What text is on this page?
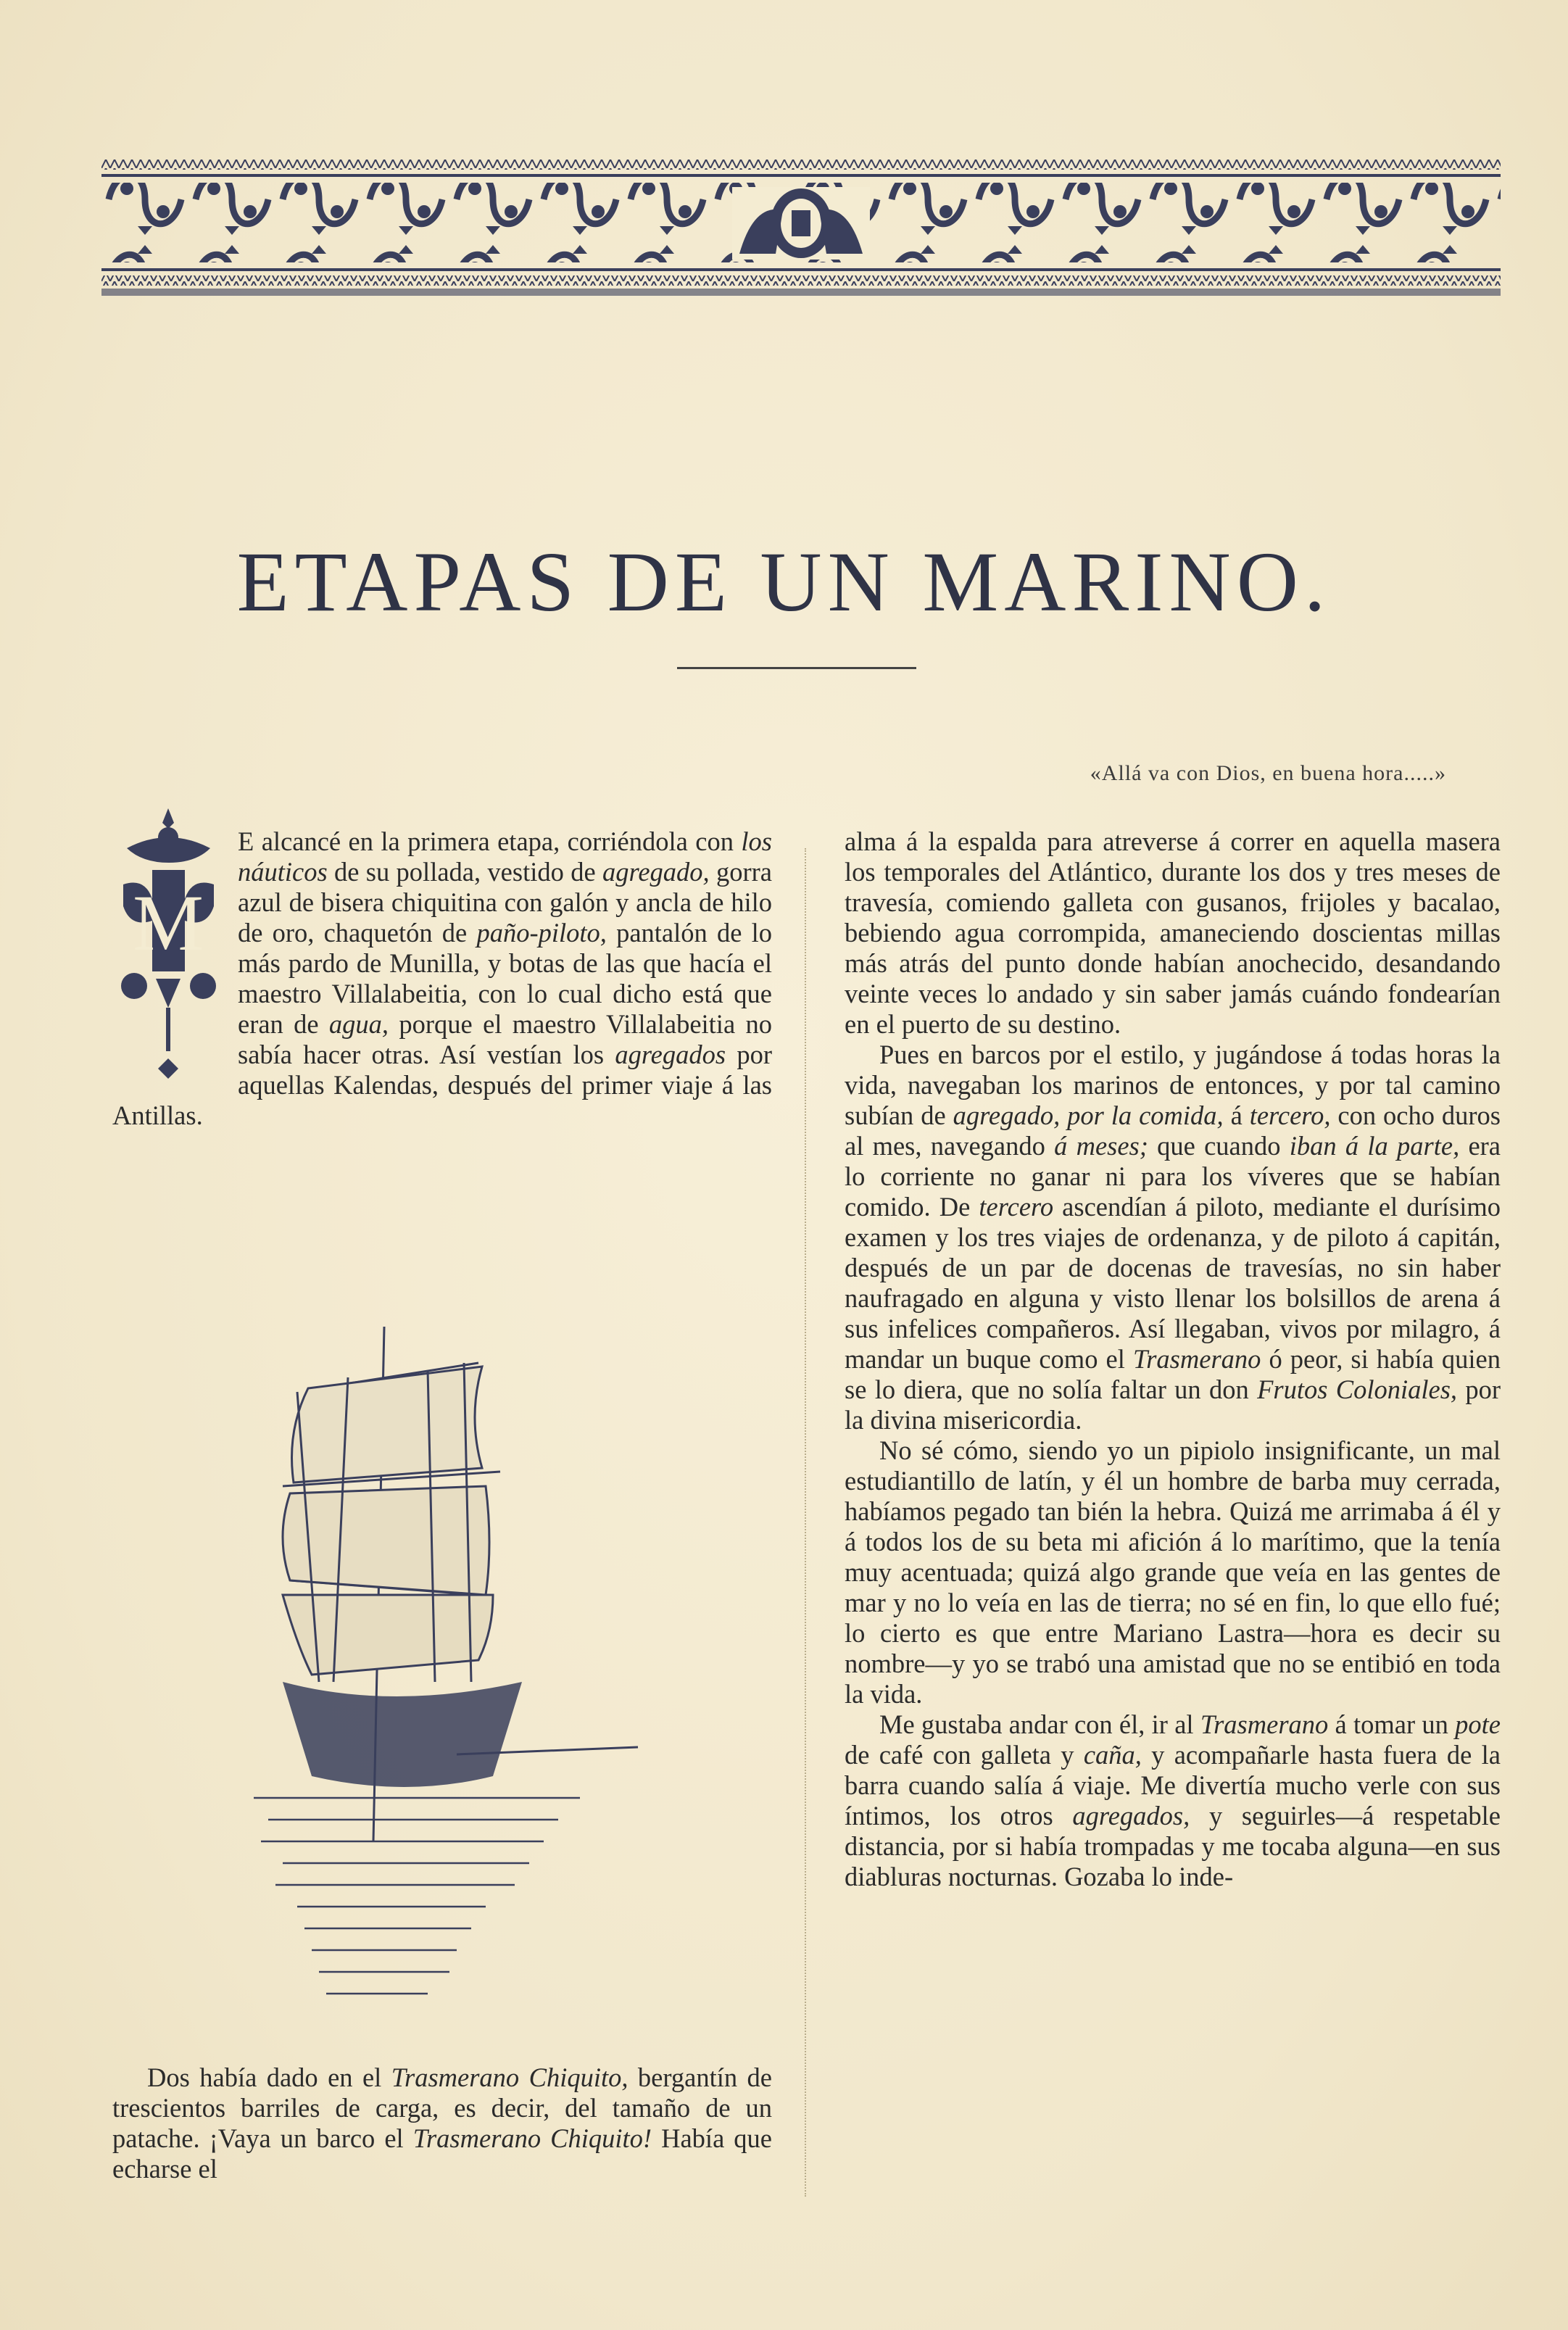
ETAPAS DE UN MARINO.
«Allá va con Dios, en buena hora.....»
M

E alcancé en la primera etapa, corriéndola con los náuticos de su pollada, vestido de agregado, gorra azul de bisera chiquitina con galón y ancla de hilo de oro, chaquetón de paño-piloto, pantalón de lo más pardo de Munilla, y botas de las que hacía el maestro Villalabeitia, con lo cual dicho está que eran de agua, porque el maestro Villalabeitia no sabía hacer otras. Así vestían los agregados por aquellas Kalendas, después del primer viaje á las Antillas.

Dos había dado en el Trasmerano Chiquito, bergantín de trescientos barriles de carga, es decir, del tamaño de un patache. ¡Vaya un barco el Trasmerano Chiquito! Había que echarse el

alma á la espalda para atreverse á correr en aquella masera los temporales del Atlántico, durante los dos y tres meses de travesía, comiendo galleta con gusanos, frijoles y bacalao, bebiendo agua corrompida, amaneciendo doscientas millas más atrás del punto donde habían anochecido, desandando veinte veces lo andado y sin saber jamás cuándo fondearían en el puerto de su destino.

Pues en barcos por el estilo, y jugándose á todas horas la vida, navegaban los marinos de entonces, y por tal camino subían de agregado, por la comida, á tercero, con ocho duros al mes, navegando á meses; que cuando iban á la parte, era lo corriente no ganar ni para los víveres que se habían comido. De tercero ascendían á piloto, mediante el durísimo examen y los tres viajes de ordenanza, y de piloto á capitán, después de un par de docenas de travesías, no sin haber naufragado en alguna y visto llenar los bolsillos de arena á sus infelices compañeros. Así llegaban, vivos por milagro, á mandar un buque como el Trasmerano ó peor, si había quien se lo diera, que no solía faltar un don Frutos Coloniales, por la divina misericordia.

No sé cómo, siendo yo un pipiolo insignificante, un mal estudiantillo de latín, y él un hombre de barba muy cerrada, habíamos pegado tan bién la hebra. Quizá me arrimaba á él y á todos los de su beta mi afición á lo marítimo, que la tenía muy acentuada; quizá algo grande que veía en las gentes de mar y no lo veía en las de tierra; no sé en fin, lo que ello fué; lo cierto es que entre Mariano Lastra—hora es decir su nombre—y yo se trabó una amistad que no se entibió en toda la vida.

Me gustaba andar con él, ir al Trasmerano á tomar un pote de café con galleta y caña, y acompañarle hasta fuera de la barra cuando salía á viaje. Me divertía mucho verle con sus íntimos, los otros agregados, y seguirles—á respetable distancia, por si había trompadas y me tocaba alguna—en sus diabluras nocturnas. Gozaba lo inde-
